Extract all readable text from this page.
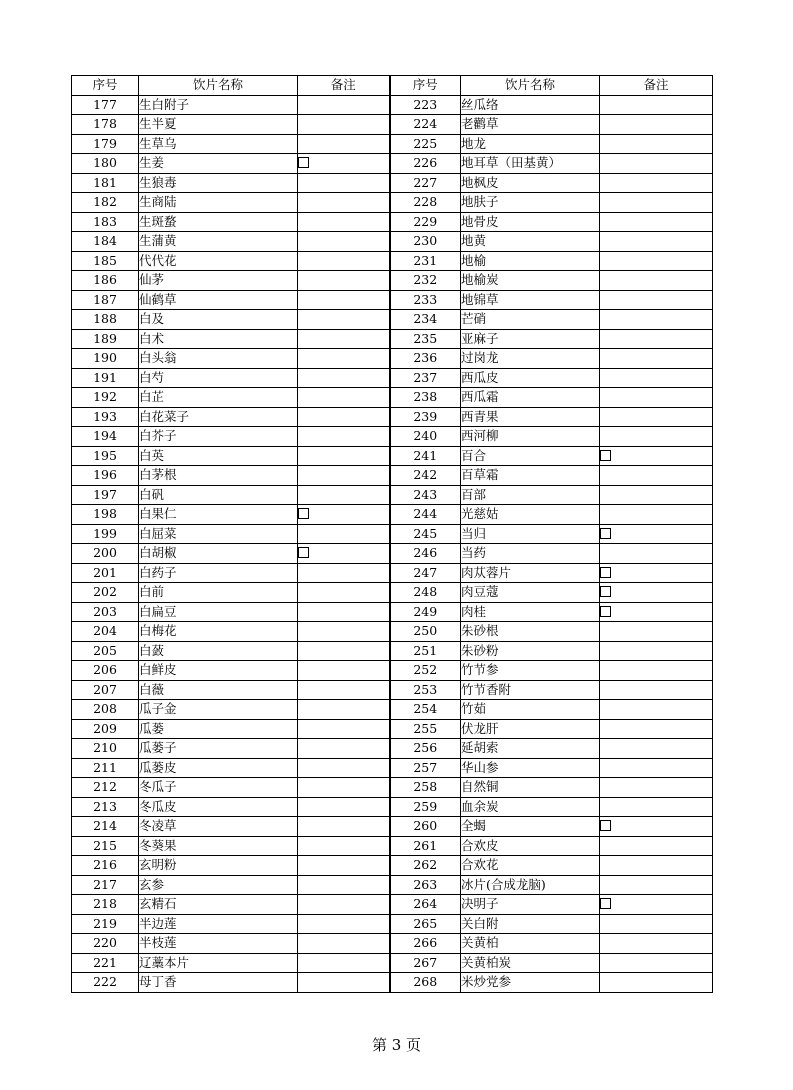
序号	饮片名称	备注	序号	饮片名称	备注
177	生白附子		223	丝瓜络	
178	生半夏		224	老鹳草	
179	生草乌		225	地龙	
180	生姜		226	地耳草（田基黄）	
181	生狼毒		227	地枫皮	
182	生商陆		228	地肤子	
183	生斑蝥		229	地骨皮	
184	生蒲黄		230	地黄	
185	代代花		231	地榆	
186	仙茅		232	地榆炭	
187	仙鹤草		233	地锦草	
188	白及		234	芒硝	
189	白术		235	亚麻子	
190	白头翁		236	过岗龙	
191	白芍		237	西瓜皮	
192	白芷		238	西瓜霜	
193	白花菜子		239	西青果	
194	白芥子		240	西河柳	
195	白英		241	百合	
196	白茅根		242	百草霜	
197	白矾		243	百部	
198	白果仁		244	光慈姑	
199	白屈菜		245	当归	
200	白胡椒		246	当药	
201	白药子		247	肉苁蓉片	
202	白前		248	肉豆蔻	
203	白扁豆		249	肉桂	
204	白梅花		250	朱砂根	
205	白蔹		251	朱砂粉	
206	白鲜皮		252	竹节参	
207	白薇		253	竹节香附	
208	瓜子金		254	竹茹	
209	瓜蒌		255	伏龙肝	
210	瓜蒌子		256	延胡索	
211	瓜蒌皮		257	华山参	
212	冬瓜子		258	自然铜	
213	冬瓜皮		259	血余炭	
214	冬凌草		260	全蝎	
215	冬葵果		261	合欢皮	
216	玄明粉		262	合欢花	
217	玄参		263	冰片(合成龙脑)	
218	玄精石		264	决明子	
219	半边莲		265	关白附	
220	半枝莲		266	关黄柏	
221	辽藁本片		267	关黄柏炭	
222	母丁香		268	米炒党参	
第 3 页
